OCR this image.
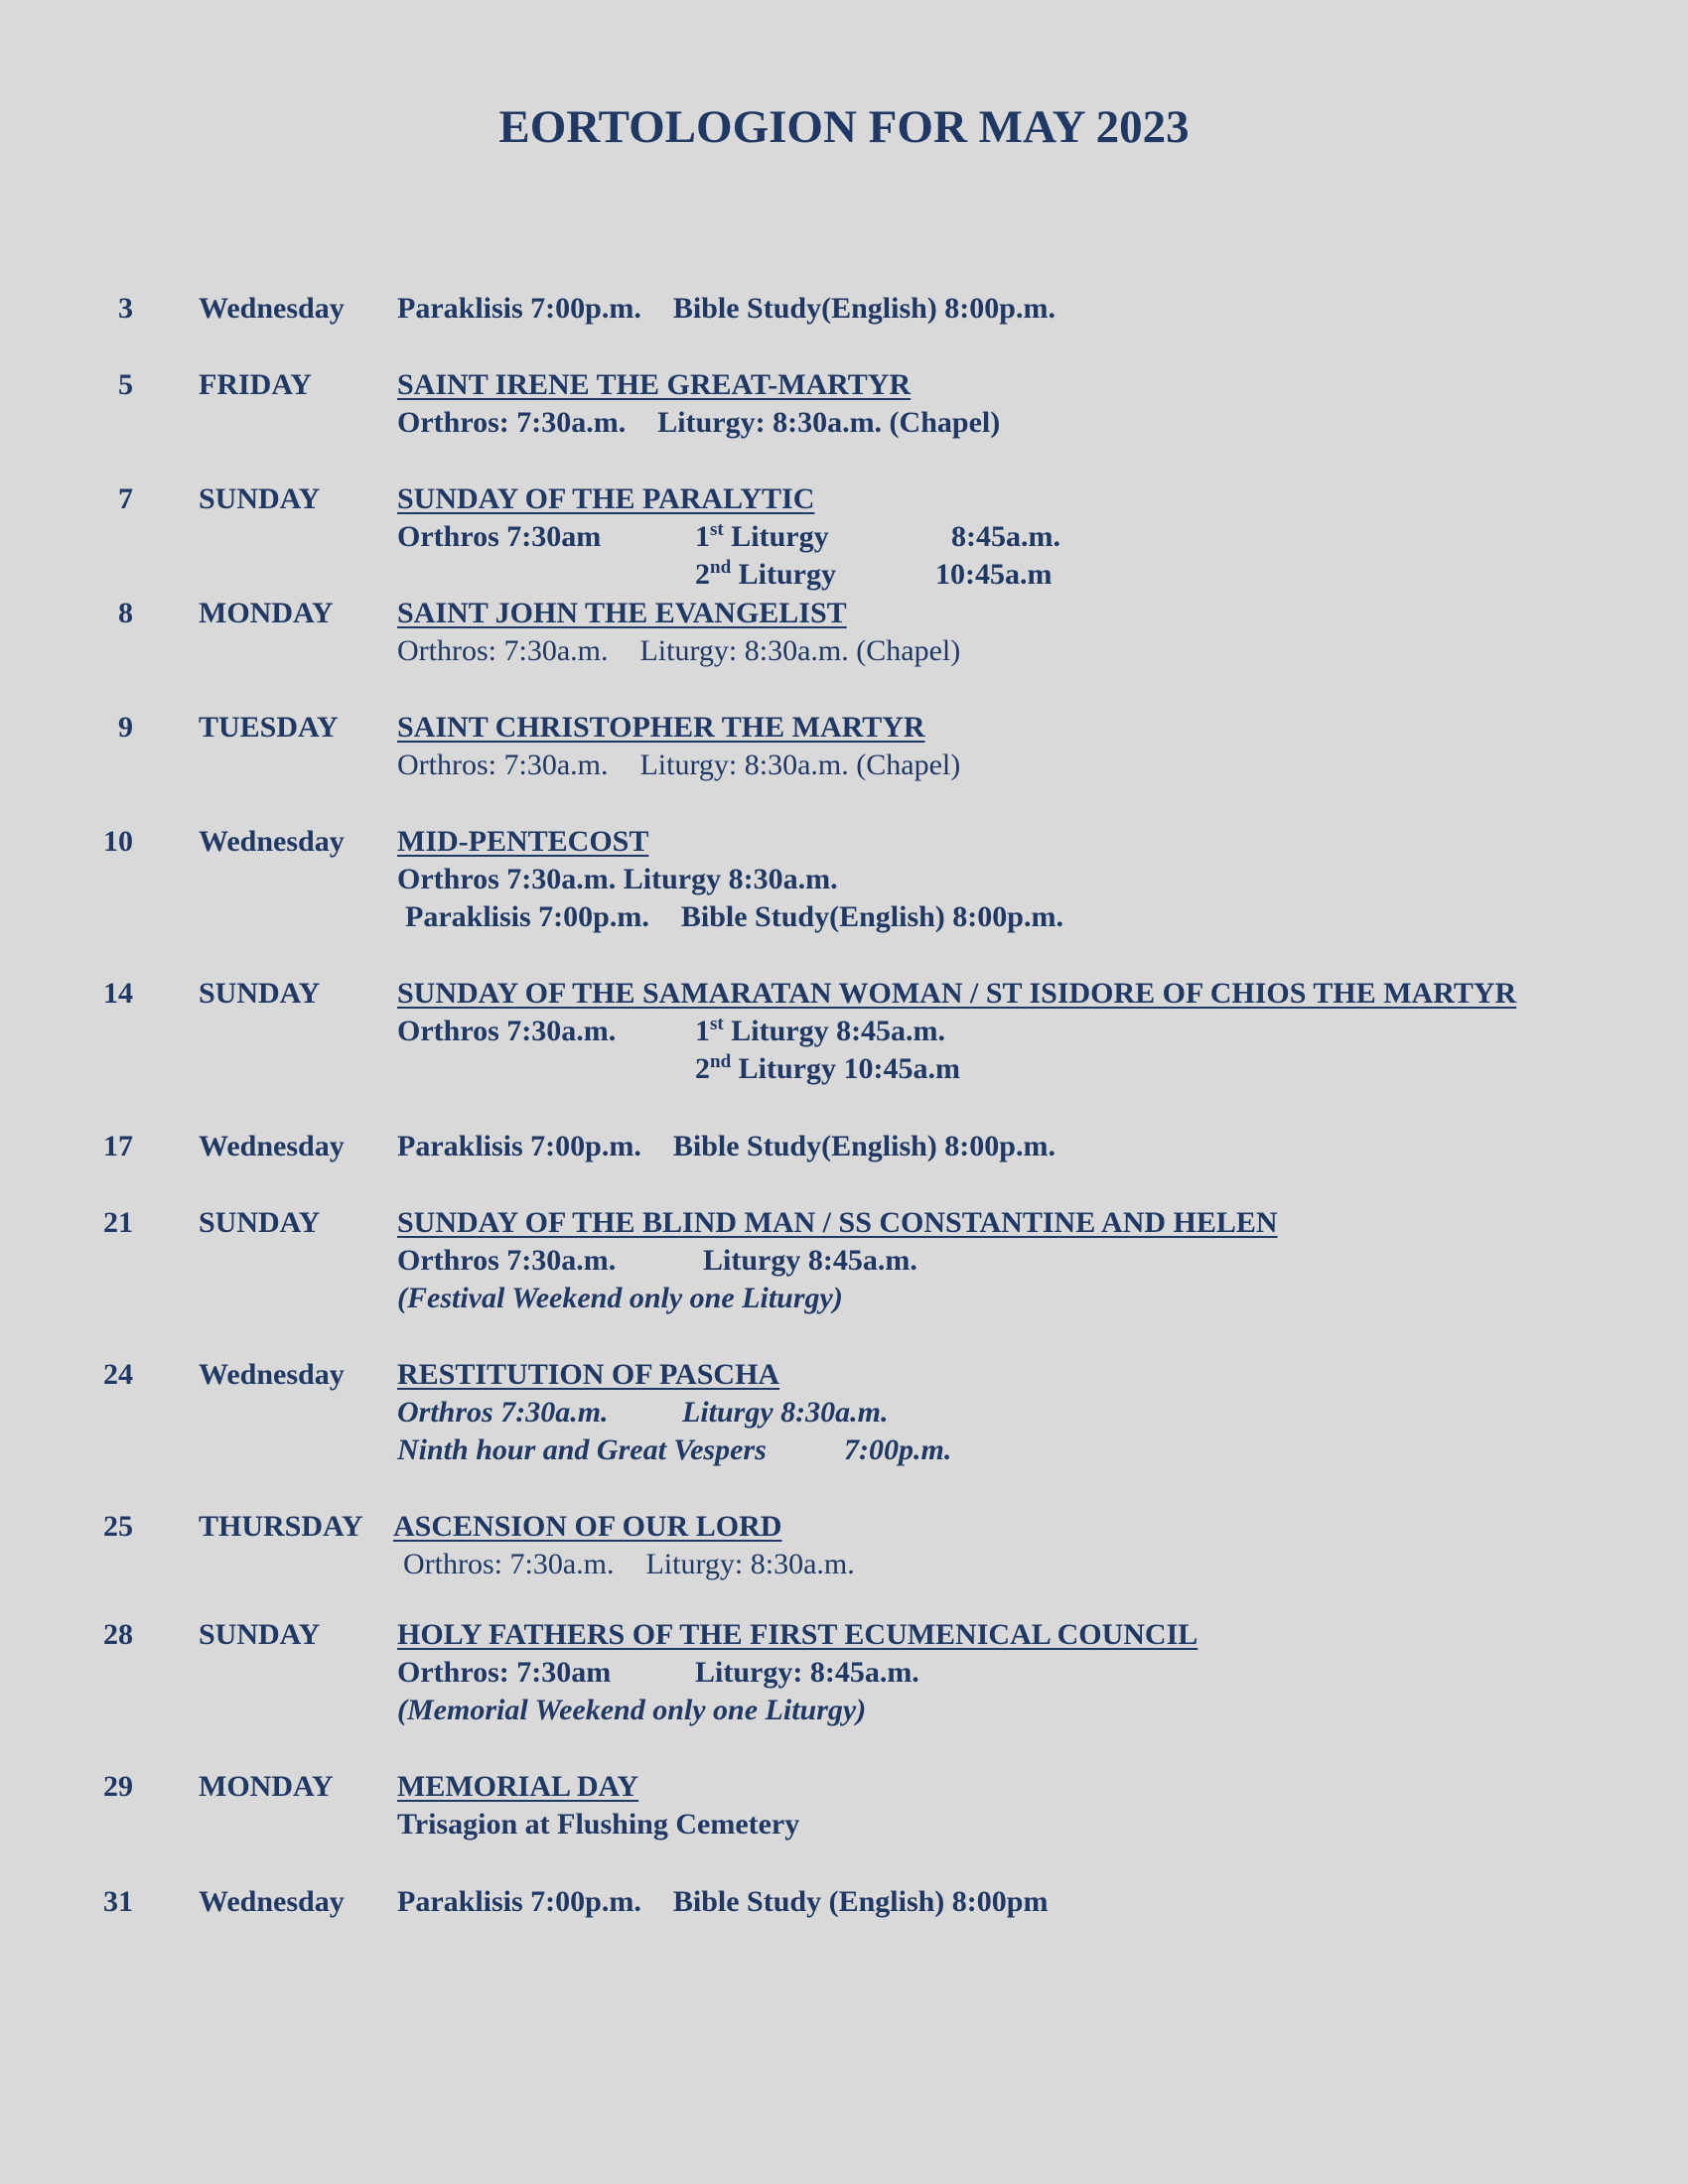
EORTOLOGION FOR MAY 2023
3 Wednesday Paraklisis 7:00p.m. Bible Study(English) 8:00p.m.
5 FRIDAY	SAINT IRENE THE GREAT-MARTYR
Orthros: 7:30a.m. Liturgy: 8:30a.m. (Chapel)
7 SUNDAY	SUNDAY OF THE PARALYTIC
Orthros 7:30am	1st Liturgy	8:45a.m.
2nd Liturgy	10:45a.m
8 MONDAY SAINT JOHN THE EVANGELIST
Orthros: 7:30a.m. Liturgy: 8:30a.m. (Chapel)
9 TUESDAY SAINT CHRISTOPHER THE MARTYR
Orthros: 7:30a.m. Liturgy: 8:30a.m. (Chapel)
10 Wednesday MID-PENTECOST
Orthros 7:30a.m. Liturgy 8:30a.m.
Paraklisis 7:00p.m. Bible Study(English) 8:00p.m.
14 SUNDAY	SUNDAY OF THE SAMARATAN WOMAN / ST ISIDORE OF CHIOS THE MARTYR
Orthros 7:30a.m.	1st Liturgy 8:45a.m.
2nd Liturgy 10:45a.m
17 Wednesday Paraklisis 7:00p.m. Bible Study(English) 8:00p.m.
21 SUNDAY	SUNDAY OF THE BLIND MAN / SS CONSTANTINE AND HELEN
Orthros 7:30a.m.	Liturgy 8:45a.m.
(Festival Weekend only one Liturgy)
24 Wednesday RESTITUTION OF PASCHA
Orthros 7:30a.m. Liturgy 8:30a.m.
Ninth hour and Great Vespers	7:00p.m.
25 THURSDAY ASCENSION OF OUR LORD
Orthros: 7:30a.m. Liturgy: 8:30a.m.
28 SUNDAY	HOLY FATHERS OF THE FIRST ECUMENICAL COUNCIL
Orthros: 7:30am	Liturgy: 8:45a.m.
(Memorial Weekend only one Liturgy)
29 MONDAY MEMORIAL DAY
Trisagion at Flushing Cemetery
31 Wednesday Paraklisis 7:00p.m. Bible Study (English) 8:00pm
